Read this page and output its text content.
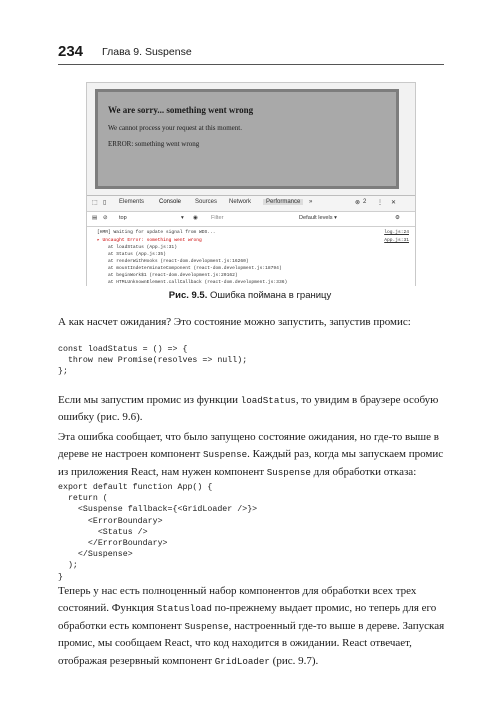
234 Глава 9. Suspense
We are sorry... something went wrong
We cannot process your request at this moment.
ERROR: something went wrong
⬚ ▯ Elements Console Sources Network	Performance	»	⊗ 2 ⋮ ✕
▤ ⊘ top	▾ ◉ Filter	Default levels ▾	⚙
[HMR] Waiting for update signal from WDS...
▸ Uncaught Error: something went wrong
at loadStatus (App.js:31)
at Status (App.js:35)
at renderWithHooks (react-dom.development.js:16260)
at mountIndeterminateComponent (react-dom.development.js:18794)
at beginWork$1 (react-dom.development.js:20162)
at HTMLUnknownElement.callCallback (react-dom.development.js:336)
log.js:24
App.js:31
Рис. 9.5. Ошибка поймана в границу

А как насчет ожидания? Это состояние можно запустить, запустив промис:

const loadStatus = () => {
throw new Promise(resolves => null);
};

Если мы запустим промис из функции loadStatus, то увидим в браузере особую ошибку (рис. 9.6).

Эта ошибка сообщает, что было запущено состояние ожидания, но где-то выше в дереве не настроен компонент Suspense. Каждый раз, когда мы запускаем промис из приложения React, нам нужен компонент Suspense для обработки отказа:

export default function App() {
return (
<Suspense fallback={<GridLoader />}>
<ErrorBoundary>
<Status />
</ErrorBoundary>
</Suspense>
);
}

Теперь у нас есть полноценный набор компонентов для обработки всех трех состояний. Функция Statusload по-прежнему выдает промис, но теперь для его обработки есть компонент Suspense, настроенный где-то выше в дереве. Запуская промис, мы сообщаем React, что код находится в ожидании. React отвечает, отображая резервный компонент GridLoader (рис. 9.7).
